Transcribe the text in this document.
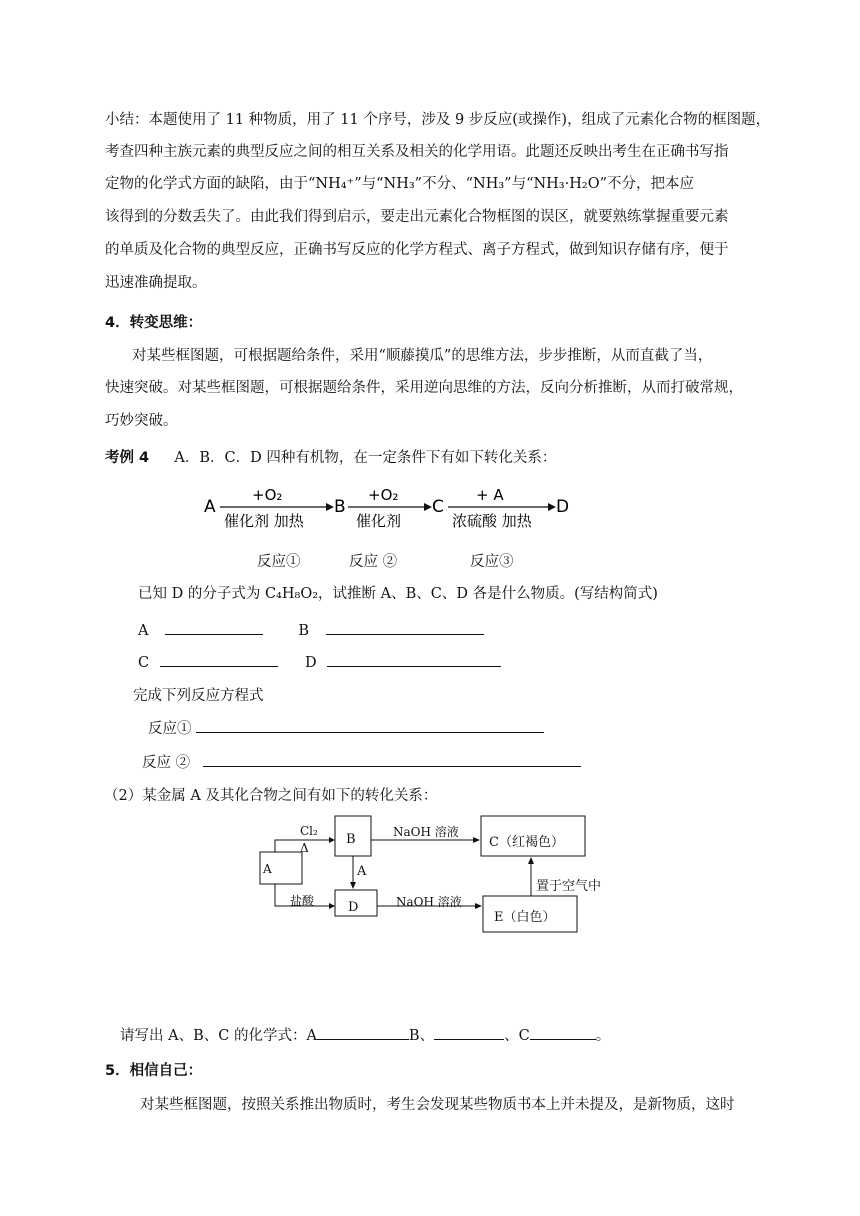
小结：本题使用了 11 种物质，用了 11 个序号，涉及 9 步反应(或操作)，组成了元素化合物的框图题，
考查四种主族元素的典型反应之间的相互关系及相关的化学用语。此题还反映出考生在正确书写指
定物的化学式方面的缺陷，由于“NH₄⁺”与“NH₃”不分、“NH₃”与“NH₃·H₂O”不分，把本应
该得到的分数丢失了。由此我们得到启示，要走出元素化合物框图的误区，就要熟练掌握重要元素
的单质及化合物的典型反应，正确书写反应的化学方程式、离子方程式，做到知识存储有序，便于
迅速准确提取。
4．转变思维：
对某些框图题，可根据题给条件，采用“顺藤摸瓜”的思维方法，步步推断，从而直截了当，
快速突破。对某些框图题，可根据题给条件，采用逆向思维的方法，反向分析推断，从而打破常规，
巧妙突破。
考例 4 A．B．C．D 四种有机物，在一定条件下有如下转化关系：
A
+O₂
催化剂 加热
B
+O₂
催化剂
C
+ A
浓硫酸 加热
D
反应①	反应 ②	反应③
已知 D 的分子式为 C₄H₈O₂，试推断 A、B、C、D 各是什么物质。(写结构简式)
A	B
C	D
完成下列反应方程式
反应①
反应 ②
（2）某金属 A 及其化合物之间有如下的转化关系：
A
B
D
C（红褐色）
E（白色）
Cl₂
Δ
盐酸
NaOH 溶液
NaOH 溶液
A
置于空气中
请写出 A、B、C 的化学式：A	B、	、C	。
5．相信自己：
对某些框图题，按照关系推出物质时，考生会发现某些物质书本上并未提及，是新物质，这时
